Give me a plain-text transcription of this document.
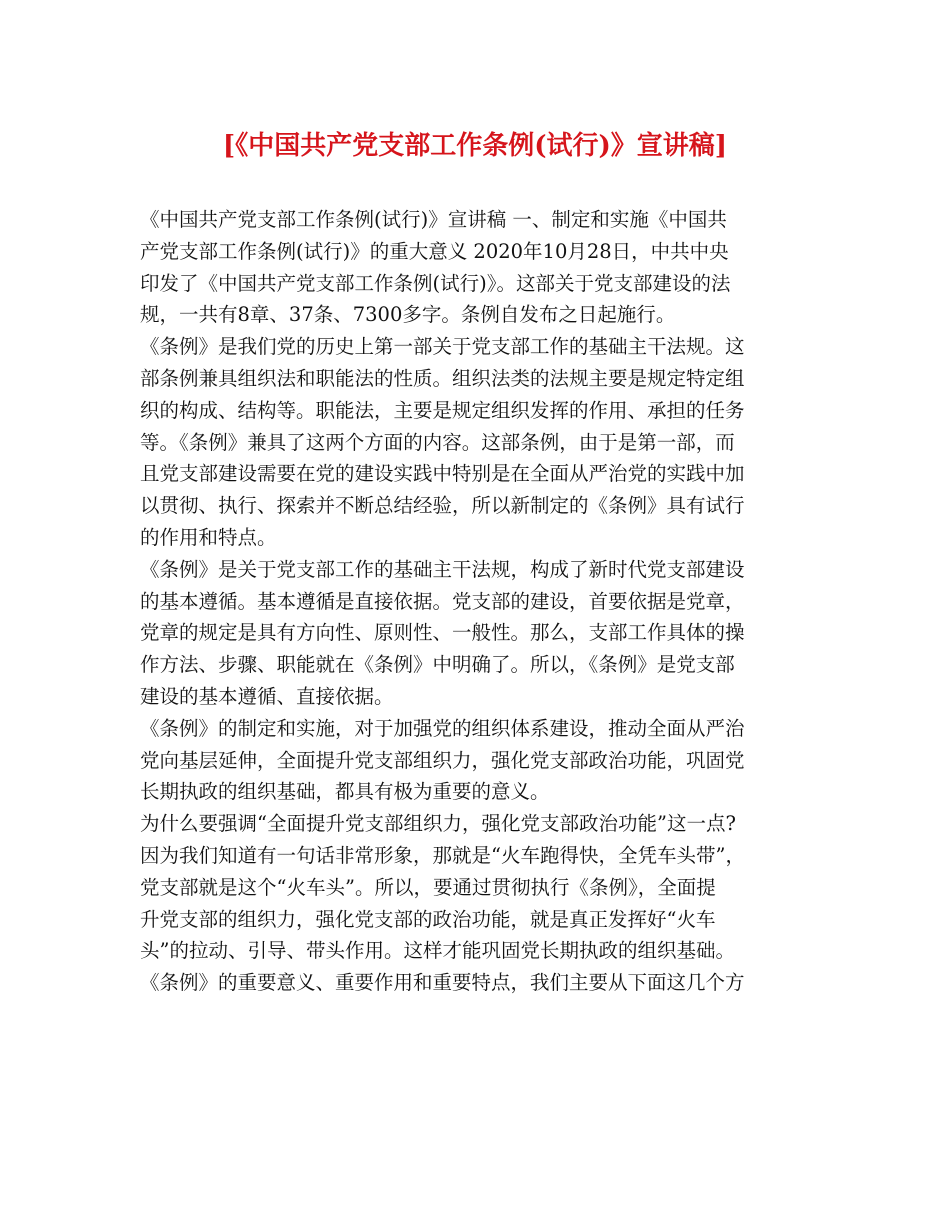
[《中国共产党支部工作条例(试行)》宣讲稿]
《中国共产党支部工作条例(试行)》宣讲稿 一、制定和实施《中国共
产党支部工作条例(试行)》的重大意义 2020年10月28日，中共中央
印发了《中国共产党支部工作条例(试行)》。这部关于党支部建设的法
规，一共有8章、37条、7300多字。条例自发布之日起施行。
《条例》是我们党的历史上第一部关于党支部工作的基础主干法规。这
部条例兼具组织法和职能法的性质。组织法类的法规主要是规定特定组
织的构成、结构等。职能法，主要是规定组织发挥的作用、承担的任务
等。《条例》兼具了这两个方面的内容。这部条例，由于是第一部，而
且党支部建设需要在党的建设实践中特别是在全面从严治党的实践中加
以贯彻、执行、探索并不断总结经验，所以新制定的《条例》具有试行
的作用和特点。
《条例》是关于党支部工作的基础主干法规，构成了新时代党支部建设
的基本遵循。基本遵循是直接依据。党支部的建设，首要依据是党章，
党章的规定是具有方向性、原则性、一般性。那么，支部工作具体的操
作方法、步骤、职能就在《条例》中明确了。所以，《条例》是党支部
建设的基本遵循、直接依据。
《条例》的制定和实施，对于加强党的组织体系建设，推动全面从严治
党向基层延伸，全面提升党支部组织力，强化党支部政治功能，巩固党
长期执政的组织基础，都具有极为重要的意义。
为什么要强调“全面提升党支部组织力，强化党支部政治功能”这一点?
因为我们知道有一句话非常形象，那就是“火车跑得快，全凭车头带”，
党支部就是这个“火车头”。所以，要通过贯彻执行《条例》，全面提
升党支部的组织力，强化党支部的政治功能，就是真正发挥好“火车
头”的拉动、引导、带头作用。这样才能巩固党长期执政的组织基础。
《条例》的重要意义、重要作用和重要特点，我们主要从下面这几个方
